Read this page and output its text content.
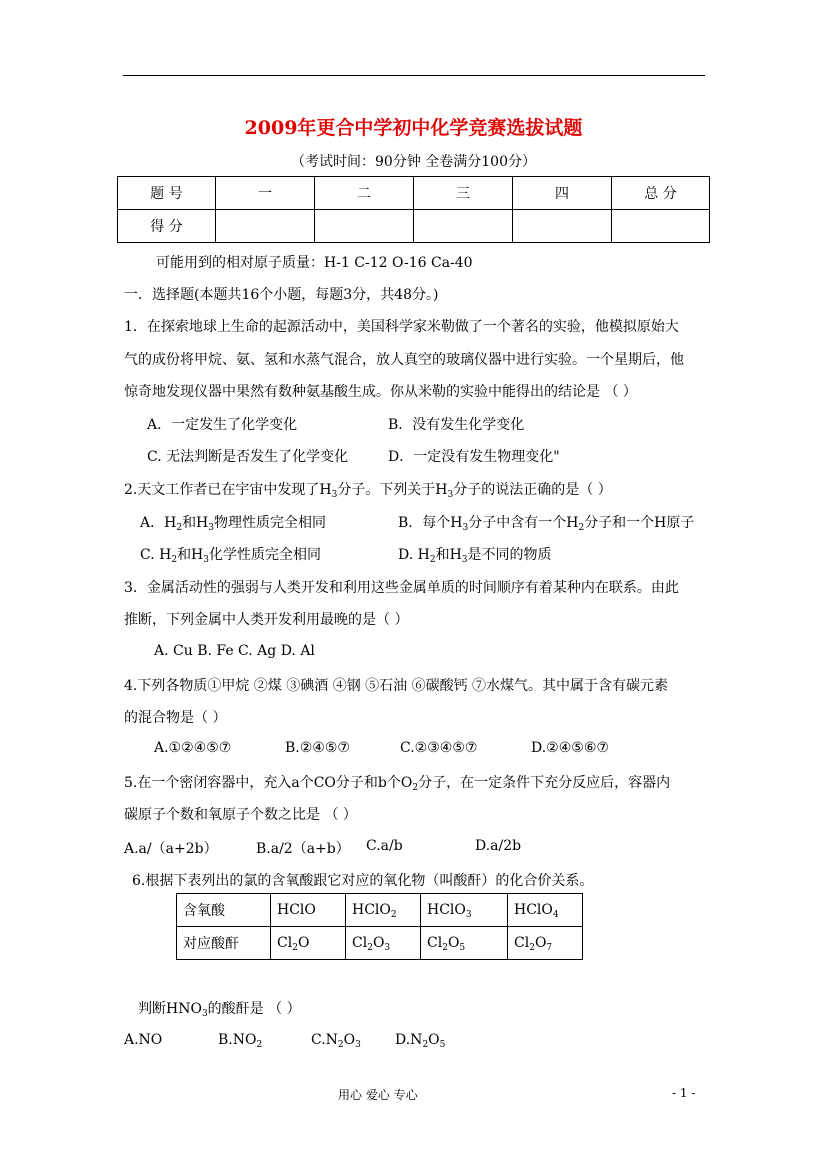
2009年更合中学初中化学竞赛选拔试题
（考试时间：90分钟 全卷满分100分）
题 号	一	二	三	四	总 分
得 分					
可能用到的相对原子质量：H-1 C-12 O-16 Ca-40
一．选择题(本题共16个小题，每题3分，共48分。)
1．在探索地球上生命的起源活动中，美国科学家米勒做了一个著名的实验，他模拟原始大
气的成份将甲烷、氨、氢和水蒸气混合，放人真空的玻璃仪器中进行实验。一个星期后，他
惊奇地发现仪器中果然有数种氨基酸生成。你从米勒的实验中能得出的结论是 （ ）
A．一定发生了化学变化	B．没有发生化学变化
C. 无法判断是否发生了化学变化	D．一定没有发生物理变化"
2.天文工作者已在宇宙中发现了$H_3$分子。下列关于$H_3$分子的说法正确的是（ ）
A．$H_2$和$H_3$物理性质完全相同	B．每个$H_3$分子中含有一个$H_2$分子和一个H原子
C. $H_2$和$H_3$化学性质完全相同	D. $H_2$和$H_3$是不同的物质
3．金属活动性的强弱与人类开发和利用这些金属单质的时间顺序有着某种内在联系。由此
推断，下列金属中人类开发利用最晚的是（ ）
A. Cu B. Fe C. Ag D. Al
4.下列各物质①甲烷 ②煤 ③碘酒 ④钢 ⑤石油 ⑥碳酸钙 ⑦水煤气。其中属于含有碳元素
的混合物是（ ）
A.①②④⑤⑦	B.②④⑤⑦	C.②③④⑤⑦	D.②④⑤⑥⑦
5.在一个密闭容器中，充入a个CO分子和b个$O_2$分子，在一定条件下充分反应后，容器内
碳原子个数和氧原子个数之比是 （ ）
A.a/（a+2b）	B.a/2（a+b） C.a/b	D.a/2b
6.根据下表列出的氯的含氧酸跟它对应的氧化物（叫酸酐）的化合价关系。
含氧酸	HClO	HClO$_2$	HClO$_3$	HClO$_4$
对应酸酐	$Cl_2O$	$Cl_2O_3$	$Cl_2O_5$	$Cl_2O_7$
判断$HNO_3$的酸酐是 （ ）
A.NO	$B.NO_2$	$C.N_2O_3$ $D.N_2O_5$
用心 爱心 专心	- 1 -
